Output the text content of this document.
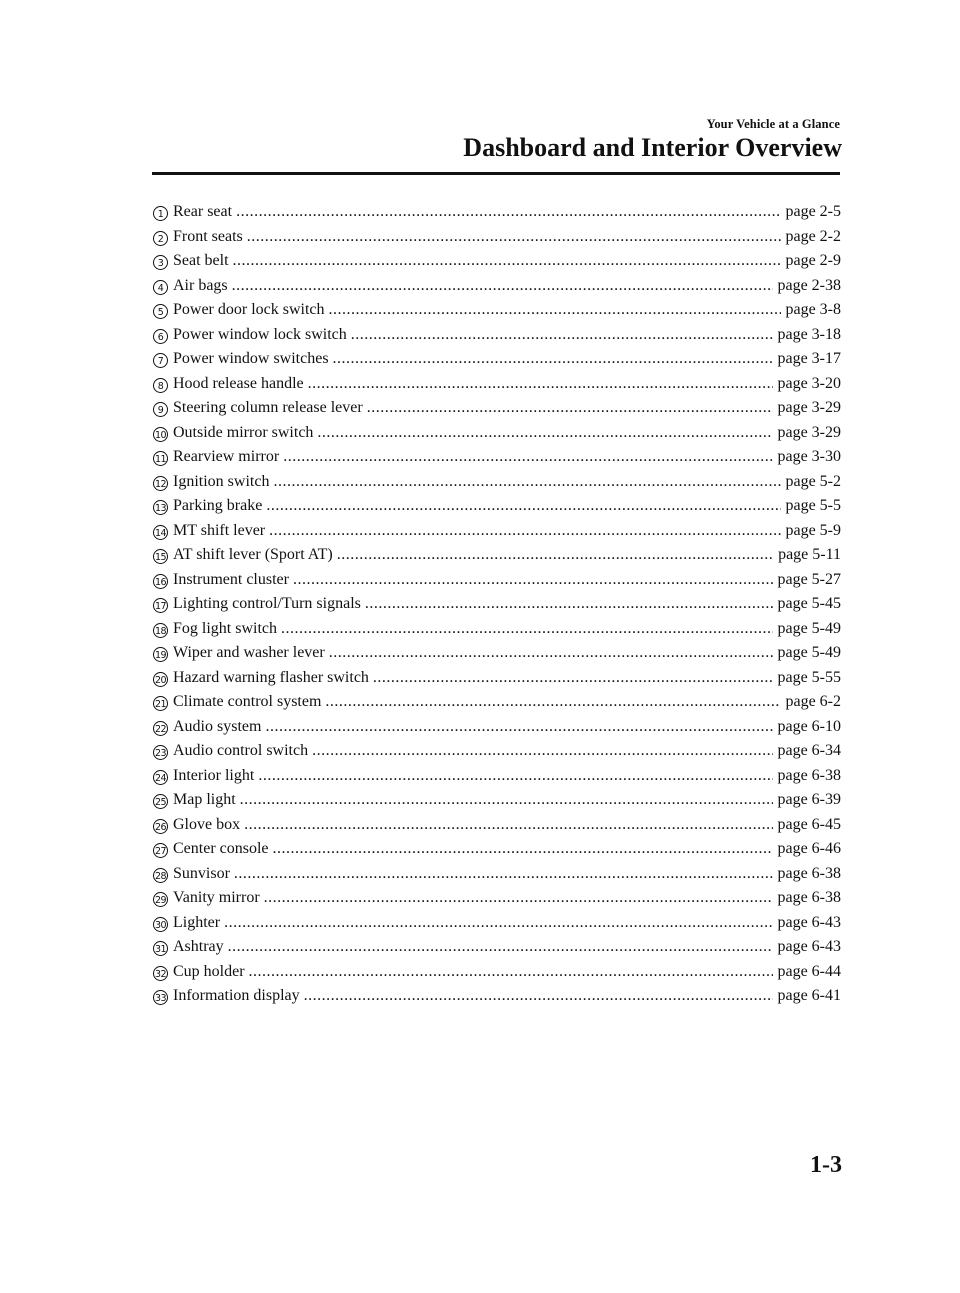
Your Vehicle at a Glance
Dashboard and Interior Overview
1 Rear seat .....	page 2-5
2 Front seats .....	page 2-2
3 Seat belt .....	page 2-9
4 Air bags .....	page 2-38
5 Power door lock switch .....	page 3-8
6 Power window lock switch .....	page 3-18
7 Power window switches .....	page 3-17
8 Hood release handle .....	page 3-20
9 Steering column release lever .....	page 3-29
10 Outside mirror switch .....	page 3-29
11 Rearview mirror .....	page 3-30
12 Ignition switch .....	page 5-2
13 Parking brake .....	page 5-5
14 MT shift lever .....	page 5-9
15 AT shift lever (Sport AT) .....	page 5-11
16 Instrument cluster .....	page 5-27
17 Lighting control/Turn signals .....	page 5-45
18 Fog light switch .....	page 5-49
19 Wiper and washer lever .....	page 5-49
20 Hazard warning flasher switch .....	page 5-55
21 Climate control system .....	page 6-2
22 Audio system .....	page 6-10
23 Audio control switch .....	page 6-34
24 Interior light .....	page 6-38
25 Map light .....	page 6-39
26 Glove box .....	page 6-45
27 Center console .....	page 6-46
28 Sunvisor .....	page 6-38
29 Vanity mirror .....	page 6-38
30 Lighter .....	page 6-43
31 Ashtray .....	page 6-43
32 Cup holder .....	page 6-44
33 Information display .....	page 6-41
1-3
